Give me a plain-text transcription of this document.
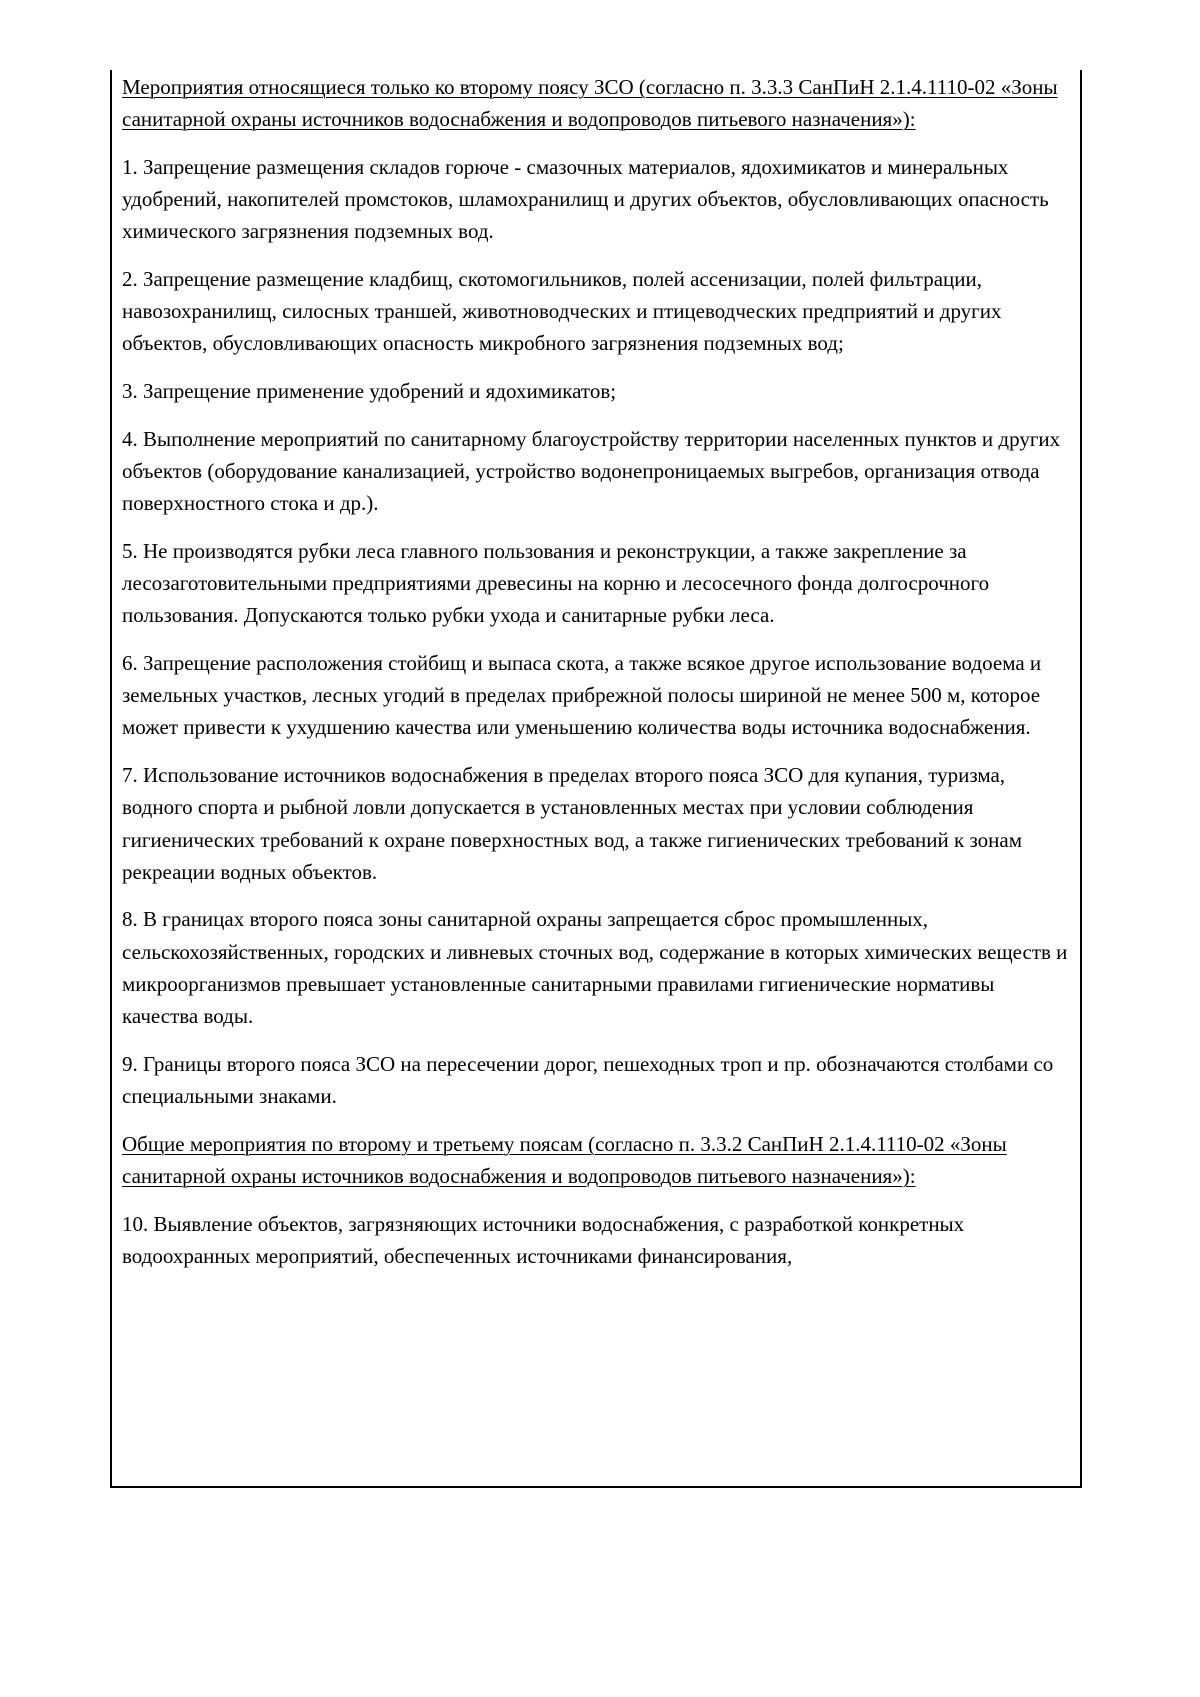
Мероприятия относящиеся только ко второму поясу ЗСО (согласно п. 3.3.3 СанПиН 2.1.4.1110-02 «Зоны санитарной охраны источников водоснабжения и водопроводов питьевого назначения»):

1. Запрещение размещения складов горюче - смазочных материалов, ядохимикатов и минеральных удобрений, накопителей промстоков, шламохранилищ и других объектов, обусловливающих опасность химического загрязнения подземных вод.

2. Запрещение размещение кладбищ, скотомогильников, полей ассенизации, полей фильтрации, навозохранилищ, силосных траншей, животноводческих и птицеводческих предприятий и других объектов, обусловливающих опасность микробного загрязнения подземных вод;

3. Запрещение применение удобрений и ядохимикатов;

4. Выполнение мероприятий по санитарному благоустройству территории населенных пунктов и других объектов (оборудование канализацией, устройство водонепроницаемых выгребов, организация отвода поверхностного стока и др.).

5. Не производятся рубки леса главного пользования и реконструкции, а также закрепление за лесозаготовительными предприятиями древесины на корню и лесосечного фонда долгосрочного пользования. Допускаются только рубки ухода и санитарные рубки леса.

6. Запрещение расположения стойбищ и выпаса скота, а также всякое другое использование водоема и земельных участков, лесных угодий в пределах прибрежной полосы шириной не менее 500 м, которое может привести к ухудшению качества или уменьшению количества воды источника водоснабжения.

7. Использование источников водоснабжения в пределах второго пояса ЗСО для купания, туризма, водного спорта и рыбной ловли допускается в установленных местах при условии соблюдения гигиенических требований к охране поверхностных вод, а также гигиенических требований к зонам рекреации водных объектов.

8. В границах второго пояса зоны санитарной охраны запрещается сброс промышленных, сельскохозяйственных, городских и ливневых сточных вод, содержание в которых химических веществ и микроорганизмов превышает установленные санитарными правилами гигиенические нормативы качества воды.

9. Границы второго пояса ЗСО на пересечении дорог, пешеходных троп и пр. обозначаются столбами со специальными знаками.

Общие мероприятия по второму и третьему поясам (согласно п. 3.3.2 СанПиН 2.1.4.1110-02 «Зоны санитарной охраны источников водоснабжения и водопроводов питьевого назначения»):

10. Выявление объектов, загрязняющих источники водоснабжения, с разработкой конкретных водоохранных мероприятий, обеспеченных источниками финансирования,
